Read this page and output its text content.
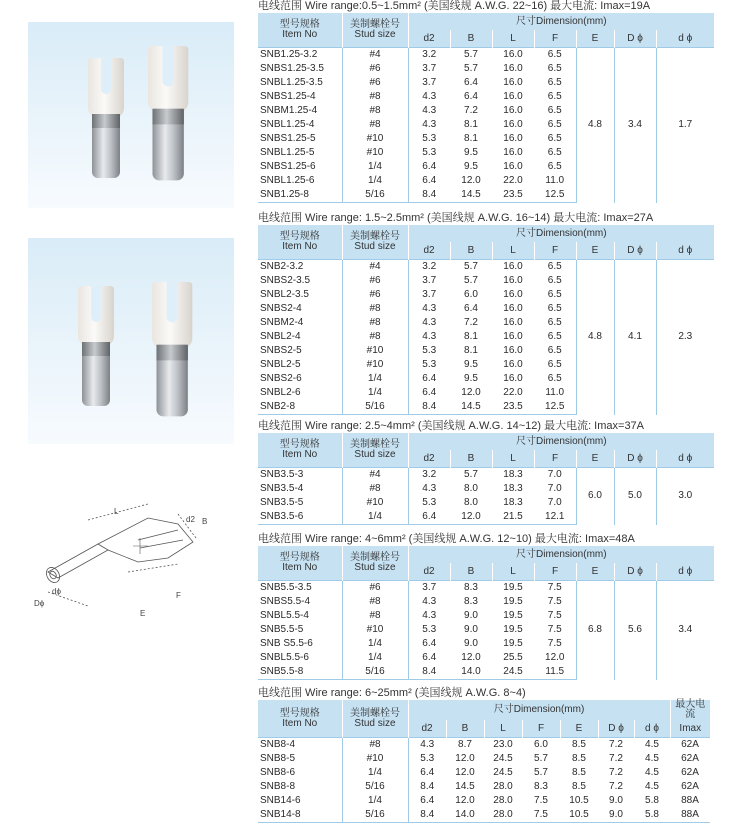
L
d2 B
dϕ
Dϕ
E
F
电线范围 Wire range:0.5~1.5mm² (美国线规 A.W.G. 22~16) 最大电流: Imax=19A
型号规格
Item No	美制螺栓号
Stud size	尺寸Dimension(mm)						
		d2	B	L	F	E	D ϕ	d ϕ
SNB1.25-3.2	#4	3.2	5.7	16.0	6.5	4.8	3.4	1.7
SNBS1.25-3.5	#6	3.7	5.7	16.0	6.5			
SNBL1.25-3.5	#6	3.7	6.4	16.0	6.5			
SNBS1.25-4	#8	4.3	6.4	16.0	6.5			
SNBM1.25-4	#8	4.3	7.2	16.0	6.5			
SNBL1.25-4	#8	4.3	8.1	16.0	6.5			
SNBS1.25-5	#10	5.3	8.1	16.0	6.5			
SNBL1.25-5	#10	5.3	9.5	16.0	6.5			
SNBS1.25-6	1/4	6.4	9.5	16.0	6.5			
SNBL1.25-6	1/4	6.4	12.0	22.0	11.0			
SNB1.25-8	5/16	8.4	14.5	23.5	12.5			
电线范围 Wire range: 1.5~2.5mm² (美国线规 A.W.G. 16~14) 最大电流: Imax=27A
型号规格
Item No	美制螺栓号
Stud size	尺寸Dimension(mm)						
		d2	B	L	F	E	D ϕ	d ϕ
SNB2-3.2	#4	3.2	5.7	16.0	6.5	4.8	4.1	2.3
SNBS2-3.5	#6	3.7	5.7	16.0	6.5			
SNBL2-3.5	#6	3.7	6.0	16.0	6.5			
SNBS2-4	#8	4.3	6.4	16.0	6.5			
SNBM2-4	#8	4.3	7.2	16.0	6.5			
SNBL2-4	#8	4.3	8.1	16.0	6.5			
SNBS2-5	#10	5.3	8.1	16.0	6.5			
SNBL2-5	#10	5.3	9.5	16.0	6.5			
SNBS2-6	1/4	6.4	9.5	16.0	6.5			
SNBL2-6	1/4	6.4	12.0	22.0	11.0			
SNB2-8	5/16	8.4	14.5	23.5	12.5			
电线范围 Wire range: 2.5~4mm² (美国线规 A.W.G. 14~12) 最大电流: Imax=37A
型号规格
Item No	美制螺栓号
Stud size	尺寸Dimension(mm)						
		d2	B	L	F	E	D ϕ	d ϕ
SNB3.5-3	#4	3.2	5.7	18.3	7.0	6.0	5.0	3.0
SNB3.5-4	#8	4.3	8.0	18.3	7.0			
SNB3.5-5	#10	5.3	8.0	18.3	7.0			
SNB3.5-6	1/4	6.4	12.0	21.5	12.1			
电线范围 Wire range: 4~6mm² (美国线规 A.W.G. 12~10) 最大电流: Imax=48A
型号规格
Item No	美制螺栓号
Stud size	尺寸Dimension(mm)						
		d2	B	L	F	E	D ϕ	d ϕ
SNB5.5-3.5	#6	3.7	8.3	19.5	7.5	6.8	5.6	3.4
SNBS5.5-4	#8	4.3	8.3	19.5	7.5			
SNBL5.5-4	#8	4.3	9.0	19.5	7.5			
SNB5.5-5	#10	5.3	9.0	19.5	7.5			
SNB S5.5-6	1/4	6.4	9.0	19.5	7.5			
SNBL5.5-6	1/4	6.4	12.0	25.5	12.0			
SNB5.5-8	5/16	8.4	14.0	24.5	11.5			
电线范围 Wire range: 6~25mm² (美国线规 A.W.G. 8~4)
型号规格
Item No	美制螺栓号
Stud size	尺寸Dimension(mm)							最大电流
		d2	B	L	F	E	D ϕ	d ϕ	Imax
SNB8-4	#8	4.3	8.7	23.0	6.0	8.5	7.2	4.5	62A
SNB8-5	#10	5.3	12.0	24.5	5.7	8.5	7.2	4.5	62A
SNB8-6	1/4	6.4	12.0	24.5	5.7	8.5	7.2	4.5	62A
SNB8-8	5/16	8.4	14.5	28.0	8.3	8.5	7.2	4.5	62A
SNB14-6	1/4	6.4	12.0	28.0	7.5	10.5	9.0	5.8	88A
SNB14-8	5/16	8.4	14.0	28.0	7.5	10.5	9.0	5.8	88A
